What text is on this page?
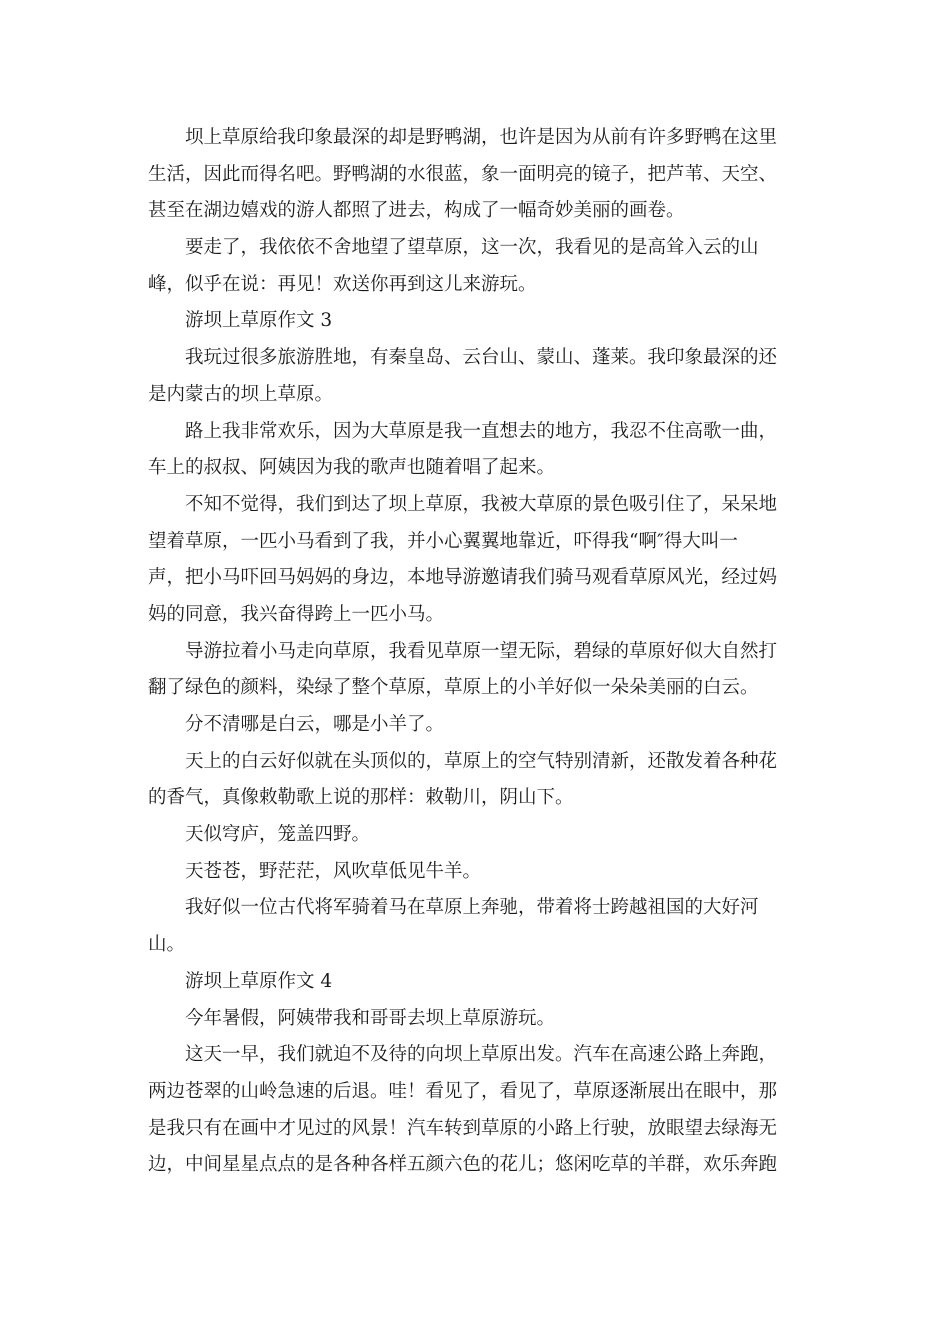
坝上草原给我印象最深的却是野鸭湖，也许是因为从前有许多野鸭在这里
生活，因此而得名吧。野鸭湖的水很蓝，象一面明亮的镜子，把芦苇、天空、
甚至在湖边嬉戏的游人都照了进去，构成了一幅奇妙美丽的画卷。
要走了，我依依不舍地望了望草原，这一次，我看见的是高耸入云的山
峰，似乎在说：再见！欢送你再到这儿来游玩。
游坝上草原作文 3
我玩过很多旅游胜地，有秦皇岛、云台山、蒙山、蓬莱。我印象最深的还
是内蒙古的坝上草原。
路上我非常欢乐，因为大草原是我一直想去的地方，我忍不住高歌一曲，
车上的叔叔、阿姨因为我的歌声也随着唱了起来。
不知不觉得，我们到达了坝上草原，我被大草原的景色吸引住了，呆呆地
望着草原，一匹小马看到了我，并小心翼翼地靠近，吓得我“啊″得大叫一
声，把小马吓回马妈妈的身边，本地导游邀请我们骑马观看草原风光，经过妈
妈的同意，我兴奋得跨上一匹小马。
导游拉着小马走向草原，我看见草原一望无际，碧绿的草原好似大自然打
翻了绿色的颜料，染绿了整个草原，草原上的小羊好似一朵朵美丽的白云。
分不清哪是白云，哪是小羊了。
天上的白云好似就在头顶似的，草原上的空气特别清新，还散发着各种花
的香气，真像敕勒歌上说的那样：敕勒川，阴山下。
天似穹庐，笼盖四野。
天苍苍，野茫茫，风吹草低见牛羊。
我好似一位古代将军骑着马在草原上奔驰，带着将士跨越祖国的大好河
山。
游坝上草原作文 4
今年暑假，阿姨带我和哥哥去坝上草原游玩。
这天一早，我们就迫不及待的向坝上草原出发。汽车在高速公路上奔跑，
两边苍翠的山岭急速的后退。哇！看见了，看见了，草原逐渐展出在眼中，那
是我只有在画中才见过的风景！汽车转到草原的小路上行驶，放眼望去绿海无
边，中间星星点点的是各种各样五颜六色的花儿；悠闲吃草的羊群，欢乐奔跑
